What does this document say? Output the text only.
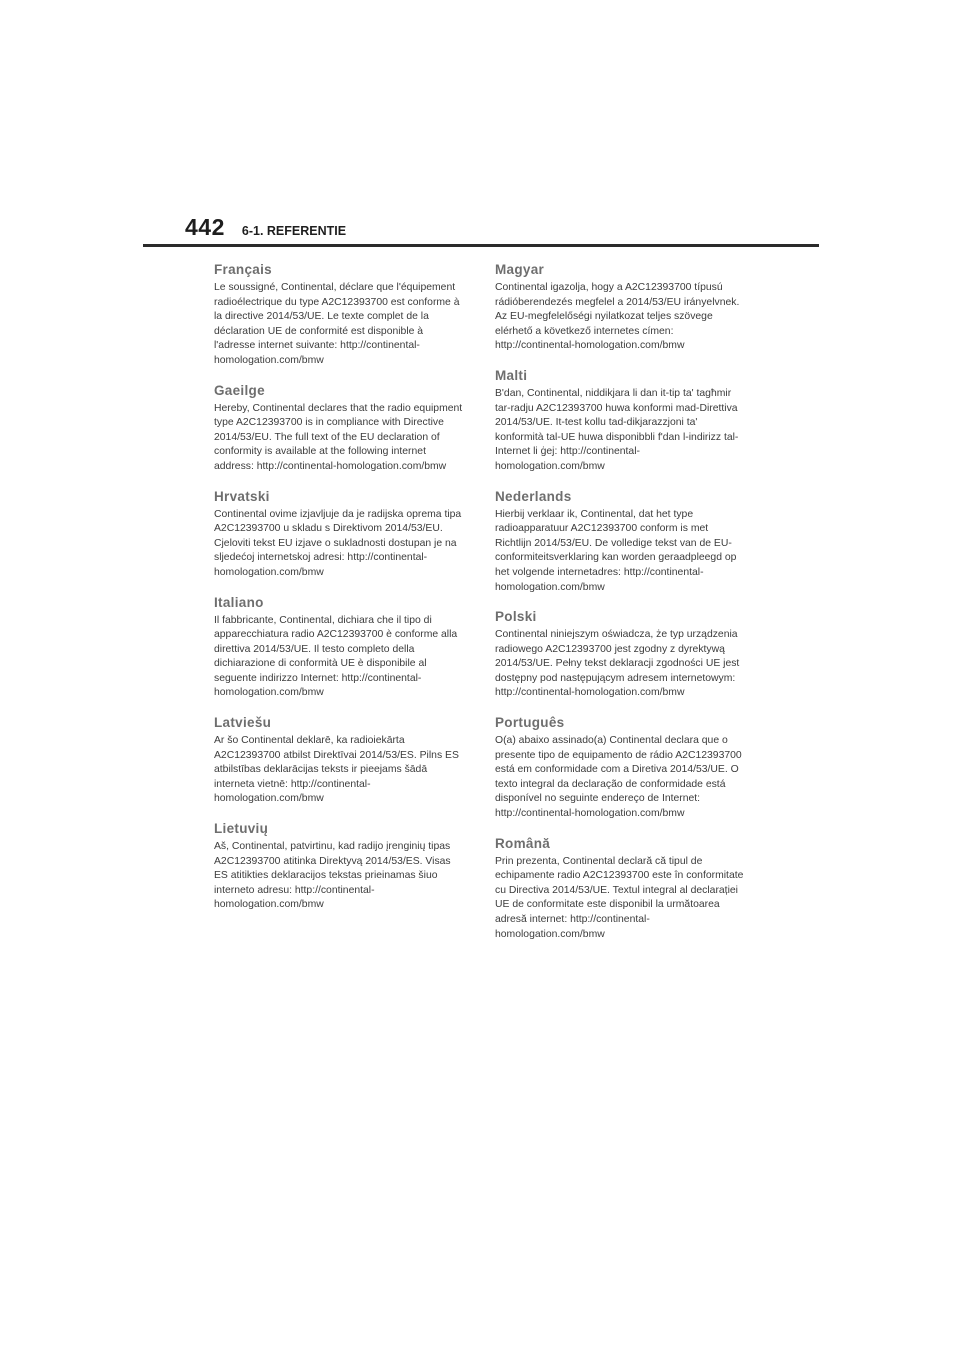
442 6-1. REFERENTIE
Français

Le soussigné, Continental, déclare que l'équipement radioélectrique du type A2C12393700 est conforme à la directive 2014/53/UE. Le texte complet de la déclaration UE de conformité est disponible à l'adresse internet suivante: http://continental-homologation.com/bmw

Gaeilge

Hereby, Continental declares that the radio equipment type A2C12393700 is in compliance with Directive 2014/53/EU. The full text of the EU declaration of conformity is available at the following internet address: http://continental-homologation.com/bmw

Hrvatski

Continental ovime izjavljuje da je radijska oprema tipa A2C12393700 u skladu s Direktivom 2014/53/EU. Cjeloviti tekst EU izjave o sukladnosti dostupan je na sljedećoj internetskoj adresi: http://continental-homologation.com/bmw

Italiano

Il fabbricante, Continental, dichiara che il tipo di apparecchiatura radio A2C12393700 è conforme alla direttiva 2014/53/UE. Il testo completo della dichiarazione di conformità UE è disponibile al seguente indirizzo Internet: http://continental-homologation.com/bmw

Latviešu

Ar šo Continental deklarē, ka radioiekārta A2C12393700 atbilst Direktīvai 2014/53/ES. Pilns ES atbilstības deklarācijas teksts ir pieejams šādā interneta vietnē: http://continental-homologation.com/bmw

Lietuvių

Aš, Continental, patvirtinu, kad radijo įrenginių tipas A2C12393700 atitinka Direktyvą 2014/53/ES. Visas ES atitikties deklaracijos tekstas prieinamas šiuo interneto adresu: http://continental-homologation.com/bmw

Magyar

Continental igazolja, hogy a A2C12393700 típusú rádióberendezés megfelel a 2014/53/EU irányelvnek. Az EU-megfelelőségi nyilatkozat teljes szövege elérhető a következő internetes címen: http://continental-homologation.com/bmw

Malti

B'dan, Continental, niddikjara li dan it-tip ta' tagħmir tar-radju A2C12393700 huwa konformi mad-Direttiva 2014/53/UE. It-test kollu tad-dikjarazzjoni ta' konformità tal-UE huwa disponibbli f'dan l-indirizz tal-Internet li ġej: http://continental-homologation.com/bmw

Nederlands

Hierbij verklaar ik, Continental, dat het type radioapparatuur A2C12393700 conform is met Richtlijn 2014/53/EU. De volledige tekst van de EU-conformiteitsverklaring kan worden geraadpleegd op het volgende internetadres: http://continental-homologation.com/bmw

Polski

Continental niniejszym oświadcza, że typ urządzenia radiowego A2C12393700 jest zgodny z dyrektywą 2014/53/UE. Pełny tekst deklaracji zgodności UE jest dostępny pod następującym adresem internetowym: http://continental-homologation.com/bmw

Português

O(a) abaixo assinado(a) Continental declara que o presente tipo de equipamento de rádio A2C12393700 está em conformidade com a Diretiva 2014/53/UE. O texto integral da declaração de conformidade está disponível no seguinte endereço de Internet: http://continental-homologation.com/bmw

Română

Prin prezenta, Continental declară că tipul de echipamente radio A2C12393700 este în conformitate cu Directiva 2014/53/UE. Textul integral al declarației UE de conformitate este disponibil la următoarea adresă internet: http://continental-homologation.com/bmw
